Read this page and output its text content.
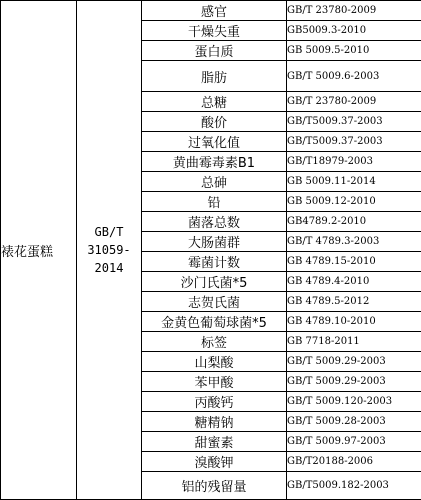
裱花蛋糕	GB/T
31059-
2014	感官	GB/T 23780-2009
		干燥失重	GB5009.3-2010
		蛋白质	GB 5009.5-2010
		脂肪	GB/T 5009.6-2003
		总糖	GB/T 23780-2009
		酸价	GB/T5009.37-2003
		过氧化值	GB/T5009.37-2003
		黄曲霉毒素B1	GB/T18979-2003
		总砷	GB 5009.11-2014
		铅	GB 5009.12-2010
		菌落总数	GB4789.2-2010
		大肠菌群	GB/T 4789.3-2003
		霉菌计数	GB 4789.15-2010
		沙门氏菌*5	GB 4789.4-2010
		志贺氏菌	GB 4789.5-2012
		金黄色葡萄球菌*5	GB 4789.10-2010
		标签	GB 7718-2011
		山梨酸	GB/T 5009.29-2003
		苯甲酸	GB/T 5009.29-2003
		丙酸钙	GB/T 5009.120-2003
		糖精钠	GB/T 5009.28-2003
		甜蜜素	GB/T 5009.97-2003
		溴酸钾	GB/T20188-2006
		铝的残留量	GB/T5009.182-2003
